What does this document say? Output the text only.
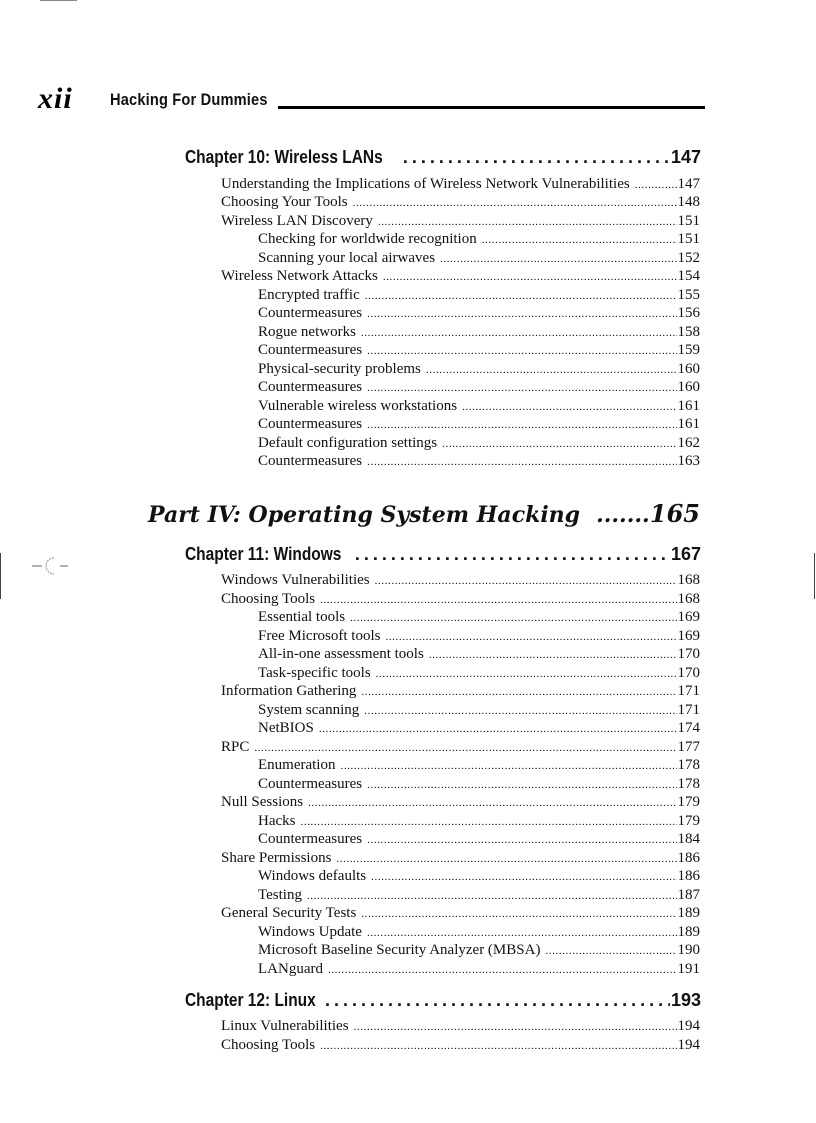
xii Hacking For Dummies
Chapter 10: Wireless LANs .....	147
Understanding the Implications of Wireless Network Vulnerabilities .....	147
Choosing Your Tools .....	148
Wireless LAN Discovery .....	151
Checking for worldwide recognition .....	151
Scanning your local airwaves .....	152
Wireless Network Attacks .....	154
Encrypted traffic .....	155
Countermeasures .....	156
Rogue networks .....	158
Countermeasures .....	159
Physical-security problems .....	160
Countermeasures .....	160
Vulnerable wireless workstations .....	161
Countermeasures .....	161
Default configuration settings .....	162
Countermeasures .....	163
Part IV: Operating System Hacking .....	165
Chapter 11: Windows .....	167
Windows Vulnerabilities .....	168
Choosing Tools .....	168
Essential tools .....	169
Free Microsoft tools .....	169
All-in-one assessment tools .....	170
Task-specific tools .....	170
Information Gathering .....	171
System scanning .....	171
NetBIOS .....	174
RPC .....	177
Enumeration .....	178
Countermeasures .....	178
Null Sessions .....	179
Hacks .....	179
Countermeasures .....	184
Share Permissions .....	186
Windows defaults .....	186
Testing .....	187
General Security Tests .....	189
Windows Update .....	189
Microsoft Baseline Security Analyzer (MBSA) .....	190
LANguard .....	191
Chapter 12: Linux .....	193
Linux Vulnerabilities .....	194
Choosing Tools .....	194
